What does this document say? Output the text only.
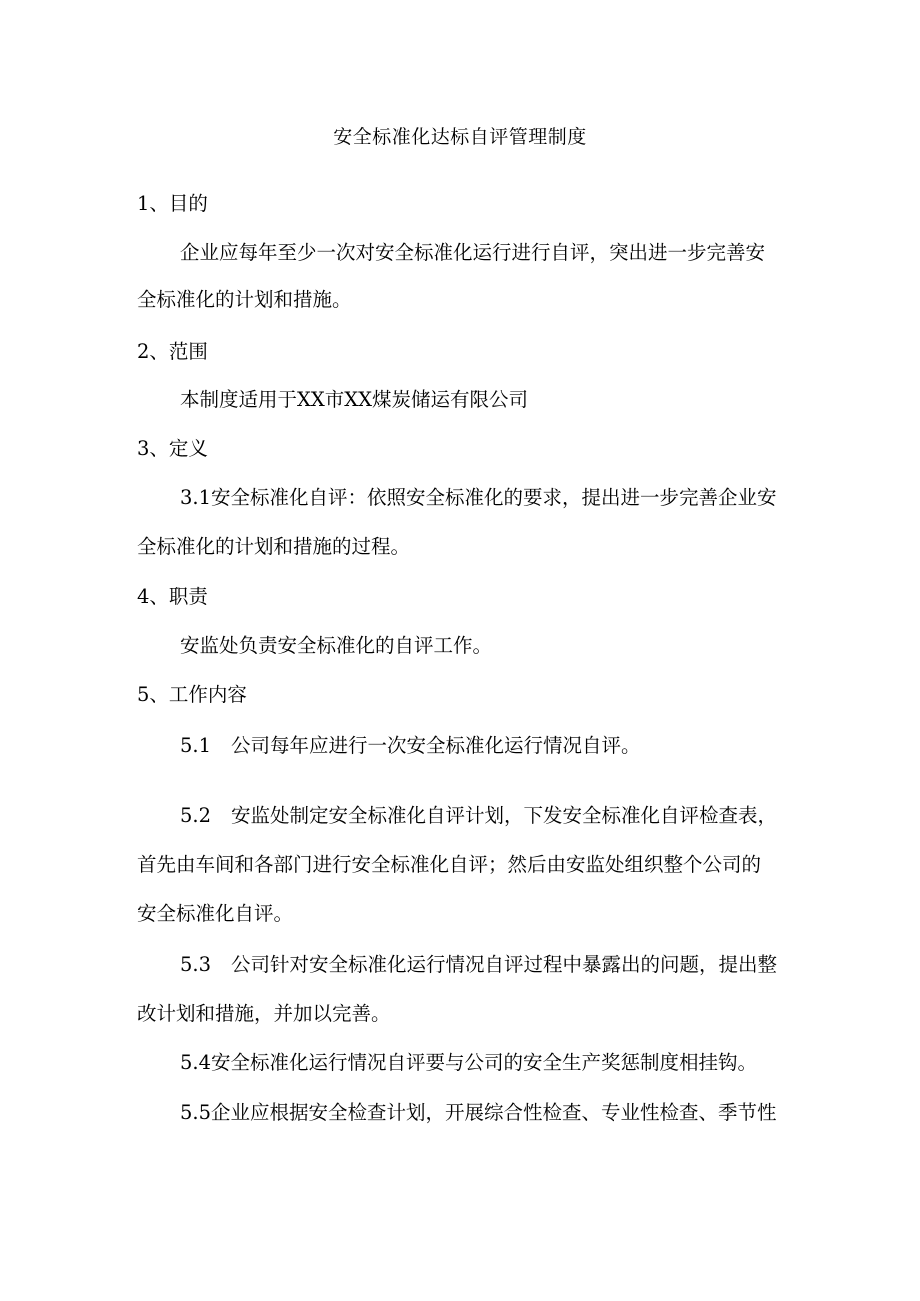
安全标准化达标自评管理制度
1、目的
企业应每年至少一次对安全标准化运行进行自评，突出进一步完善安
全标准化的计划和措施。
2、范围
本制度适用于XX市XX煤炭储运有限公司
3、定义
3.1安全标准化自评：依照安全标准化的要求，提出进一步完善企业安
全标准化的计划和措施的过程。
4、职责
安监处负责安全标准化的自评工作。
5、工作内容
5.1 公司每年应进行一次安全标准化运行情况自评。
5.2 安监处制定安全标准化自评计划，下发安全标准化自评检查表，
首先由车间和各部门进行安全标准化自评；然后由安监处组织整个公司的
安全标准化自评。
5.3 公司针对安全标准化运行情况自评过程中暴露出的问题，提出整
改计划和措施，并加以完善。
5.4安全标准化运行情况自评要与公司的安全生产奖惩制度相挂钩。
5.5企业应根据安全检查计划，开展综合性检查、专业性检查、季节性
